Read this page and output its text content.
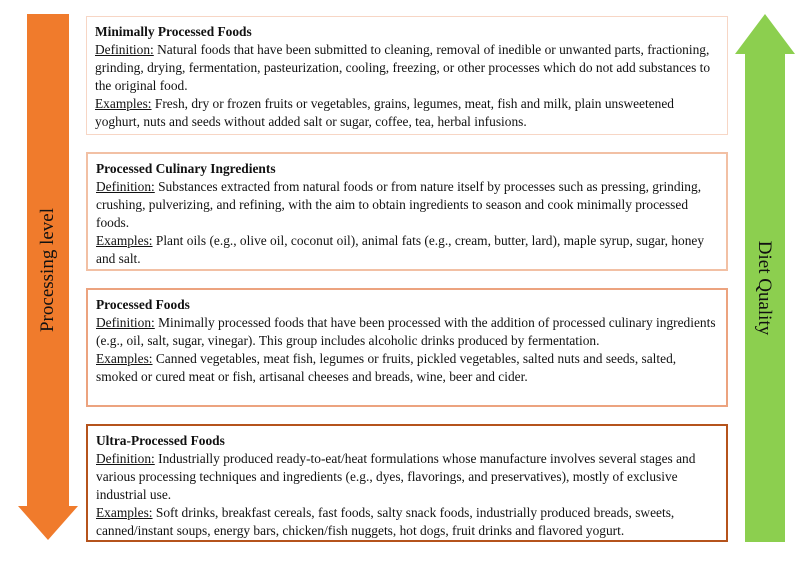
Processing level	Diet Quality
Minimally Processed Foods
Definition: Natural foods that have been submitted to cleaning, removal of inedible or unwanted parts, fractioning, grinding, drying, fermentation, pasteurization, cooling, freezing, or other processes which do not add substances to the original food.
Examples: Fresh, dry or frozen fruits or vegetables, grains, legumes, meat, fish and milk, plain unsweetened yoghurt, nuts and seeds without added salt or sugar, coffee, tea, herbal infusions.
Processed Culinary Ingredients
Definition: Substances extracted from natural foods or from nature itself by processes such as pressing, grinding, crushing, pulverizing, and refining, with the aim to obtain ingredients to season and cook minimally processed foods.
Examples: Plant oils (e.g., olive oil, coconut oil), animal fats (e.g., cream, butter, lard), maple syrup, sugar, honey and salt.
Processed Foods
Definition: Minimally processed foods that have been processed with the addition of processed culinary ingredients (e.g., oil, salt, sugar, vinegar). This group includes alcoholic drinks produced by fermentation.
Examples: Canned vegetables, meat fish, legumes or fruits, pickled vegetables, salted nuts and seeds, salted, smoked or cured meat or fish, artisanal cheeses and breads, wine, beer and cider.
Ultra-Processed Foods
Definition: Industrially produced ready-to-eat/heat formulations whose manufacture involves several stages and various processing techniques and ingredients (e.g., dyes, flavorings, and preservatives), mostly of exclusive industrial use.
Examples: Soft drinks, breakfast cereals, fast foods, salty snack foods, industrially produced breads, sweets, canned/instant soups, energy bars, chicken/fish nuggets, hot dogs, fruit drinks and flavored yogurt.
